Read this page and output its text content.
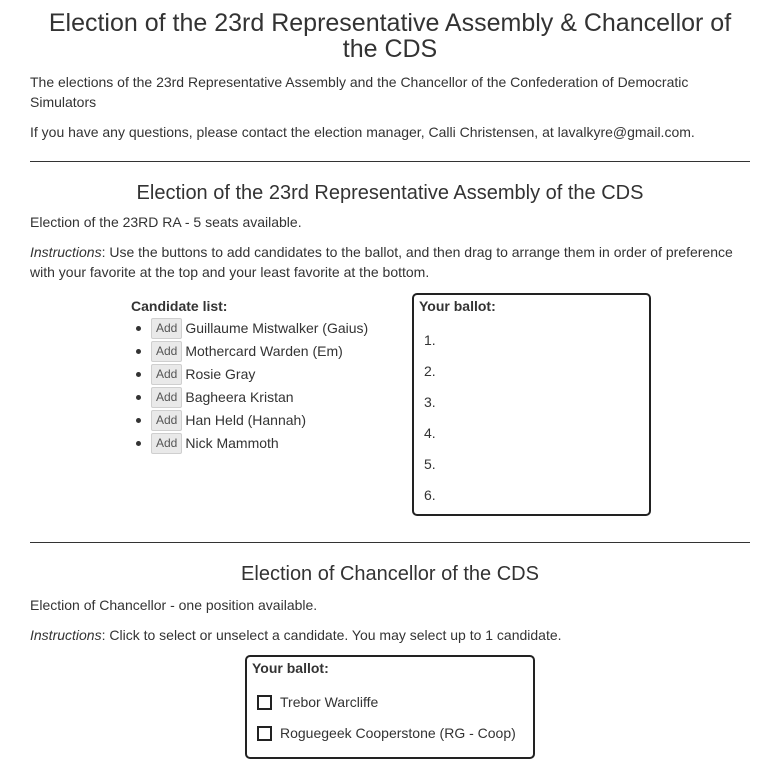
Election of the 23rd Representative Assembly & Chancellor of the CDS

The elections of the 23rd Representative Assembly and the Chancellor of the Confederation of Democratic Simulators

If you have any questions, please contact the election manager, Calli Christensen, at lavalkyre@gmail.com.

Election of the 23rd Representative Assembly of the CDS

Election of the 23RD RA - 5 seats available.

Instructions: Use the buttons to add candidates to the ballot, and then drag to arrange them in order of preference with your favorite at the top and your least favorite at the bottom.

Candidate list:
Add Guillaume Mistwalker (Gaius)
Add Mothercard Warden (Em)
Add Rosie Gray
Add Bagheera Kristan
Add Han Held (Hannah)
Add Nick Mammoth
Your ballot:
1.
2.
3.
4.
5.
6.
Election of Chancellor of the CDS

Election of Chancellor - one position available.

Instructions: Click to select or unselect a candidate. You may select up to 1 candidate.

Your ballot:
Trebor Warcliffe
Roguegeek Cooperstone (RG - Coop)
